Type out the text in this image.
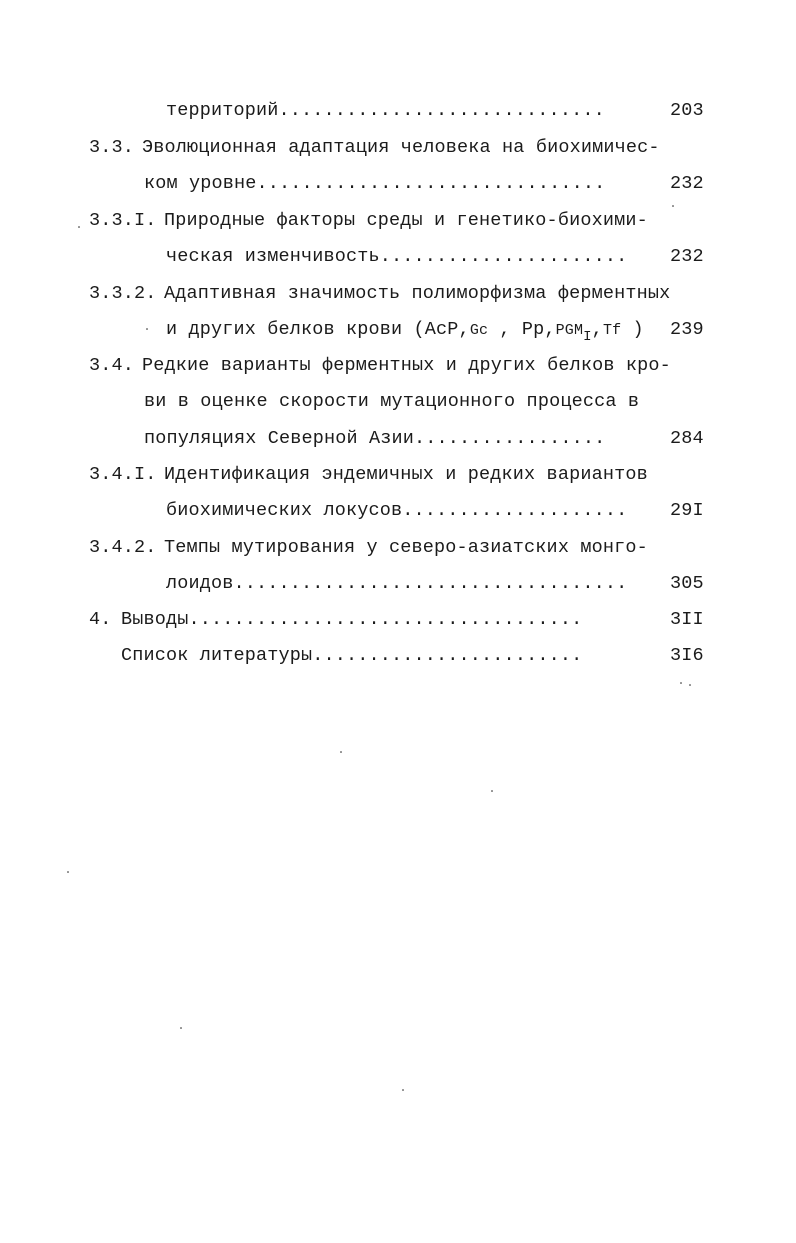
территорий.............................	203
3.3. Эволюционная адаптация человека на биохимичес-
ком уровне...............................	232
3.3.I. Природные факторы среды и генетико-биохими-
ческая изменчивость......................	232
3.3.2. Адаптивная значимость полиморфизма ферментных
и других белков крови (AcP,Gc , $Pp,PGM_I,Tf$ ) 239
3.4. Редкие варианты ферментных и других белков кро-
ви в оценке скорости мутационного процесса в
популяциях Северной Азии.................	284
3.4.I. Идентификация эндемичных и редких вариантов
биохимических локусов....................	29I
3.4.2. Темпы мутирования у северо-азиатских монго-
лоидов...................................	305
4. Выводы...................................	3II
Список литературы........................	3I6
